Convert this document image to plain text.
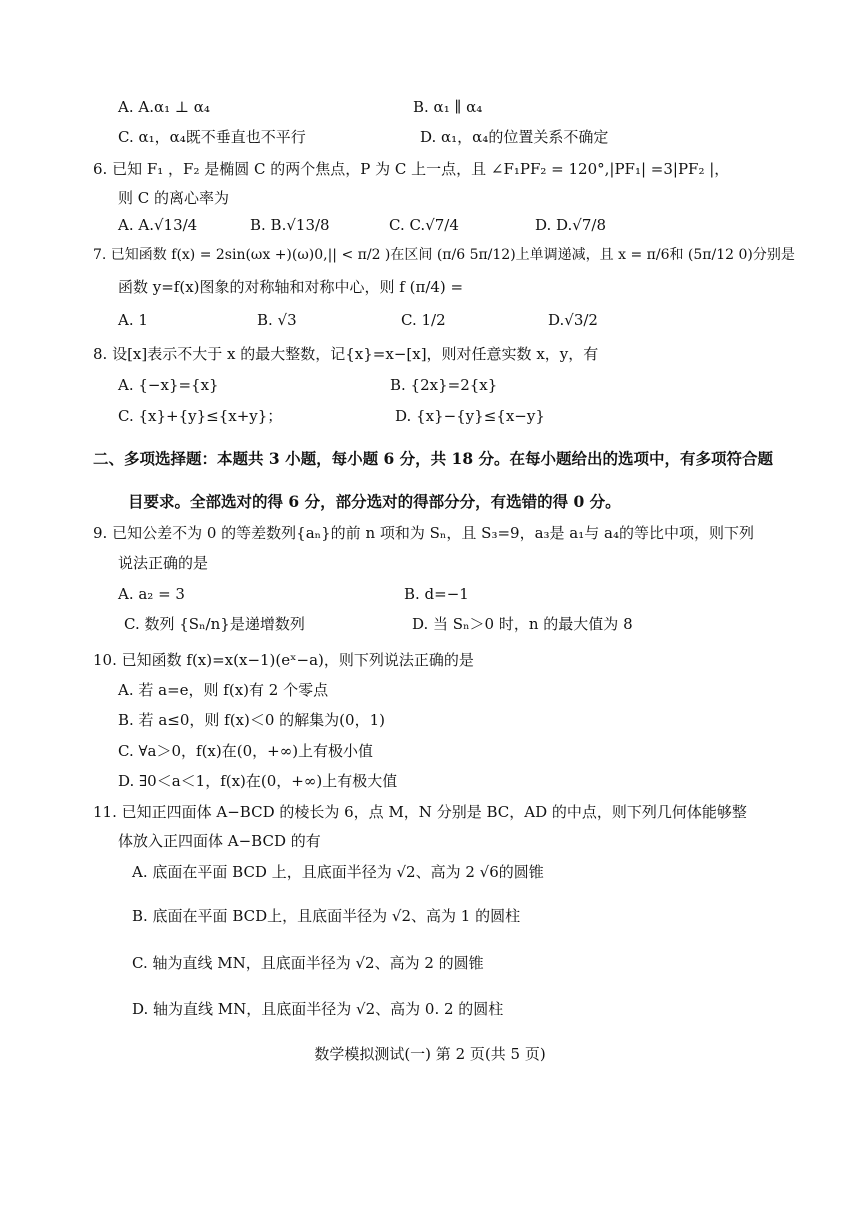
A. A.α₁ ⊥ α₄	B. α₁ ∥ α₄
C. α₁，α₄既不垂直也不平行	D. α₁，α₄的位置关系不确定
6. 已知 F₁ ，F₂ 是椭圆 C 的两个焦点，P 为 C 上一点，且 ∠F₁PF₂ = 120°,|PF₁| =3|PF₂ |，
则 C 的离心率为
A. A.√13/4	B. B.√13/8	C. C.√7/4	D. D.√7/8
7. 已知函数 f(x) = 2sin(ωx +)(ω)0,|| < π/2 )在区间 (π/6 5π/12)上单调递减，且 x = π/6和 (5π/12 0)分别是
函数 y=f(x)图象的对称轴和对称中心，则 f (π/4) =
A. 1	B. √3	C. 1/2	D.√3/2
8. 设[x]表示不大于 x 的最大整数，记{x}=x−[x]，则对任意实数 x，y，有
A. {−x}={x}	B. {2x}=2{x}
C. {x}+{y}≤{x+y}；	D. {x}−{y}≤{x−y}
二、多项选择题：本题共 3 小题，每小题 6 分，共 18 分。在每小题给出的选项中，有多项符合题
目要求。全部选对的得 6 分，部分选对的得部分分，有选错的得 0 分。
9. 已知公差不为 0 的等差数列{aₙ}的前 n 项和为 Sₙ，且 S₃=9，a₃是 a₁与 a₄的等比中项，则下列
说法正确的是
A. a₂ = 3	B. d=−1
C. 数列 {Sₙ/n}是递增数列	D. 当 Sₙ＞0 时，n 的最大值为 8
10. 已知函数 f(x)=x(x−1)(eˣ−a)，则下列说法正确的是
A. 若 a=e，则 f(x)有 2 个零点
B. 若 a≤0，则 f(x)＜0 的解集为(0，1)
C. ∀a＞0，f(x)在(0，+∞)上有极小值
D. ∃0＜a＜1，f(x)在(0，+∞)上有极大值
11. 已知正四面体 A−BCD 的棱长为 6，点 M，N 分别是 BC，AD 的中点，则下列几何体能够整
体放入正四面体 A−BCD 的有
A. 底面在平面 BCD 上，且底面半径为 √2、高为 2 √6的圆锥
B. 底面在平面 BCD上，且底面半径为 √2、高为 1 的圆柱
C. 轴为直线 MN，且底面半径为 √2、高为 2 的圆锥
D. 轴为直线 MN，且底面半径为 √2、高为 0. 2 的圆柱
数学模拟测试(一) 第 2 页(共 5 页)
